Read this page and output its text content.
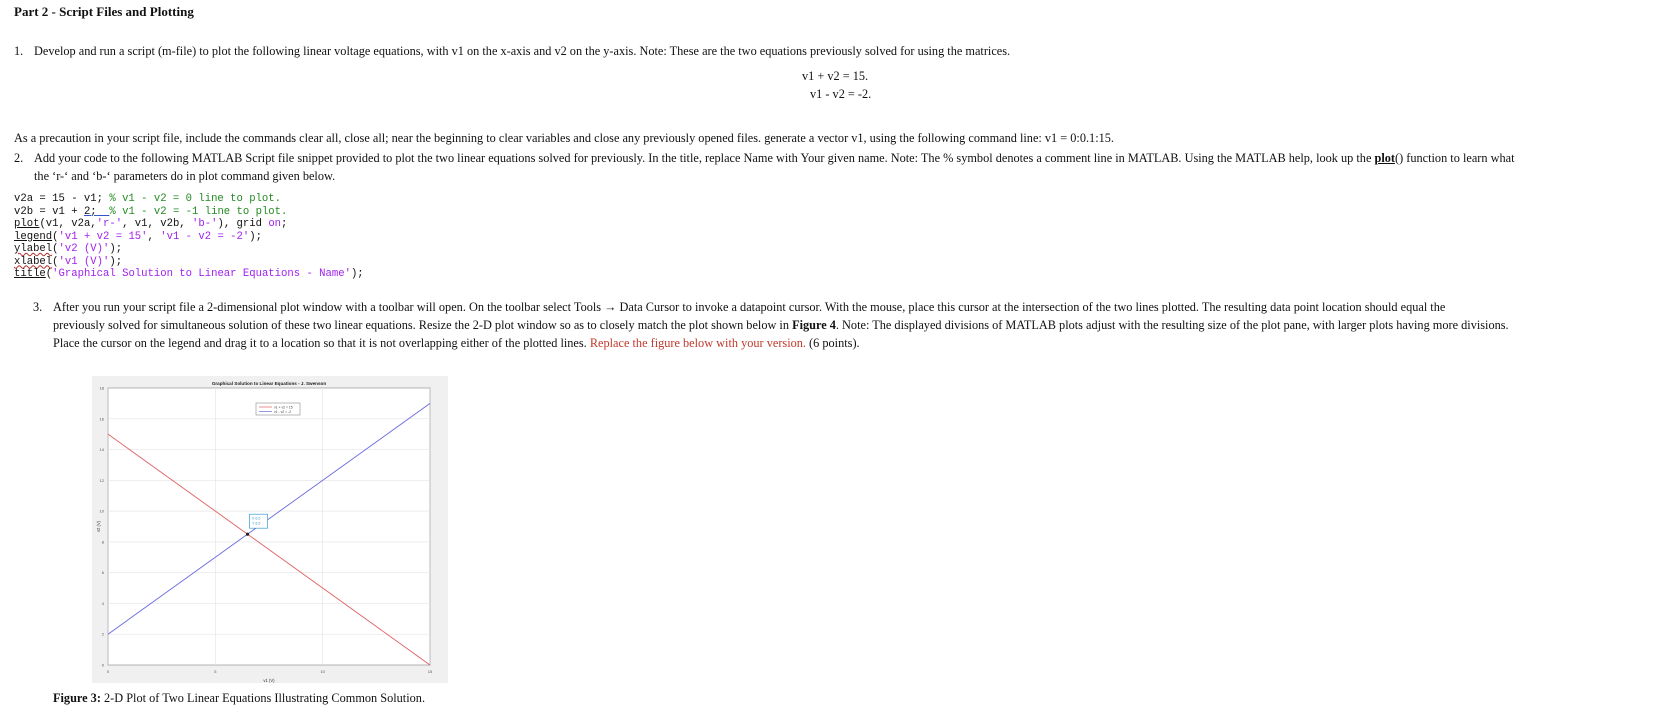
Part 2 - Script Files and Plotting
1. Develop and run a script (m-file) to plot the following linear voltage equations, with v1 on the x-axis and v2 on the y-axis. Note: These are the two equations previously solved for using the matrices.
v1 + v2 = 15.
v1 - v2 = -2.
As a precaution in your script file, include the commands clear all, close all; near the beginning to clear variables and close any previously opened files. generate a vector v1, using the following command line: v1 = 0:0.1:15.
2. Add your code to the following MATLAB Script file snippet provided to plot the two linear equations solved for previously. In the title, replace Name with Your given name. Note: The % symbol denotes a comment line in MATLAB. Using the MATLAB help, look up the plot() function to learn what
the ‘r-‘ and ‘b-‘ parameters do in plot command given below.
v2a = 15 - v1; % v1 - v2 = 0 line to plot.
v2b = v1 + 2; % v1 - v2 = -1 line to plot.
plot(v1, v2a,'r-', v1, v2b, 'b-'), grid on;
legend('v1 + v2 = 15', 'v1 - v2 = -2');
ylabel('v2 (V)');
xlabel('v1 (V)');
title('Graphical Solution to Linear Equations - Name');
3. After you run your script file a 2-dimensional plot window with a toolbar will open. On the toolbar select Tools → Data Cursor to invoke a datapoint cursor. With the mouse, place this cursor at the intersection of the two lines plotted. The resulting data point location should equal the
previously solved for simultaneous solution of these two linear equations. Resize the 2-D plot window so as to closely match the plot shown below in Figure 4. Note: The displayed divisions of MATLAB plots adjust with the resulting size of the plot pane, with larger plots having more divisions.
Place the cursor on the legend and drag it to a location so that it is not overlapping either of the plotted lines. Replace the figure below with your version. (6 points).
0	5	10	15
0
2
4
6
8
10
12
14
16
18
Graphical Solution to Linear Equations - J. Swenson
v1 (V)
v2 (V)
v1 + v2 = 15
v1 - v2 = -2
X 6.5
Y 8.5
Figure 3: 2-D Plot of Two Linear Equations Illustrating Common Solution.
